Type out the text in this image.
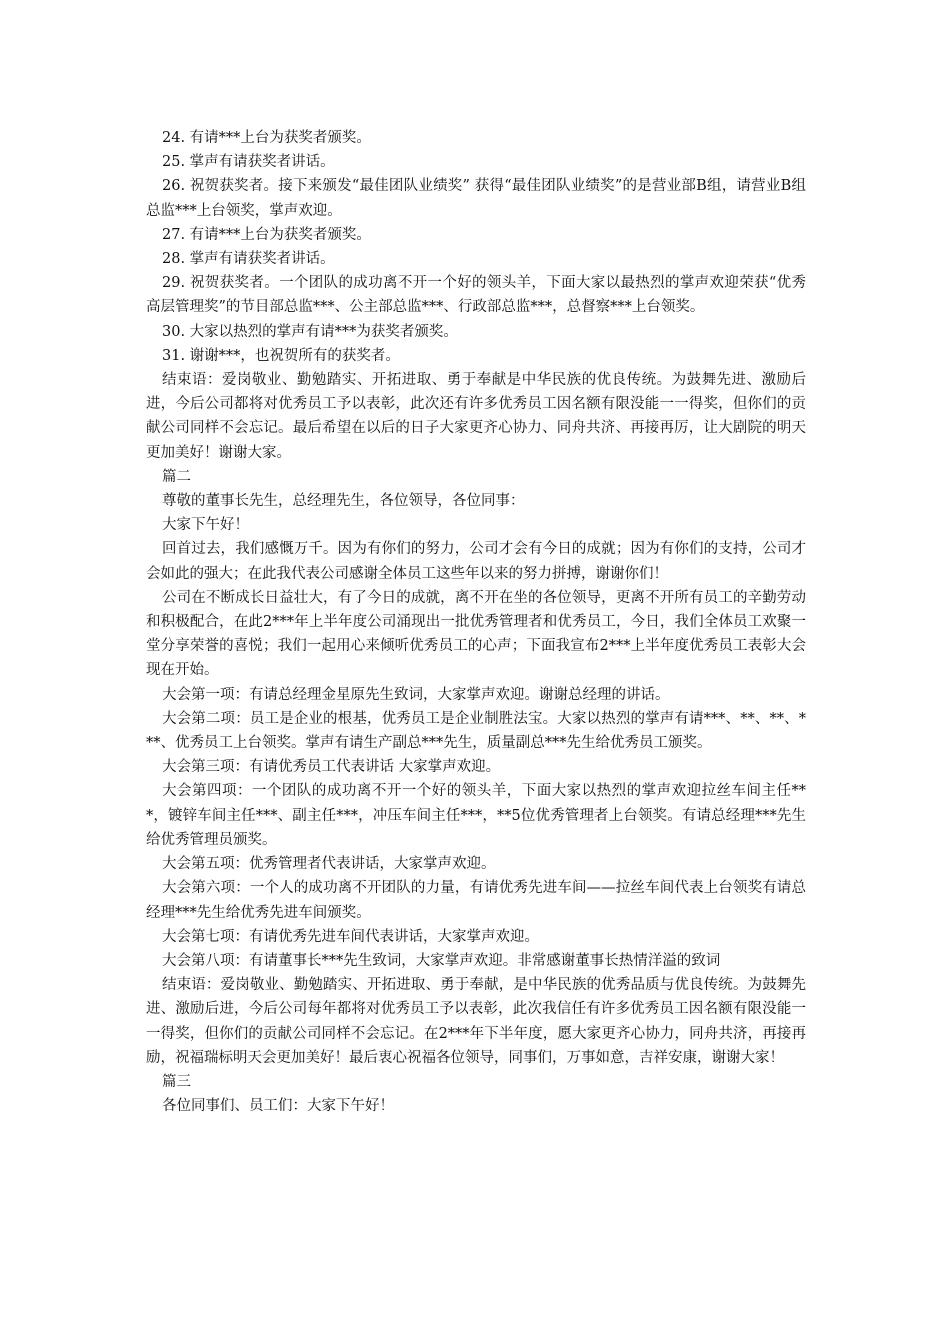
24. 有请***上台为获奖者颁奖。

25. 掌声有请获奖者讲话。

26. 祝贺获奖者。接下来颁发“最佳团队业绩奖” 获得“最佳团队业绩奖”的是营业部B组，请营业B组总监***上台领奖，掌声欢迎。

27. 有请***上台为获奖者颁奖。

28. 掌声有请获奖者讲话。

29. 祝贺获奖者。一个团队的成功离不开一个好的领头羊，下面大家以最热烈的掌声欢迎荣获“优秀高层管理奖”的节目部总监***、公主部总监***、行政部总监***，总督察***上台领奖。

30. 大家以热烈的掌声有请***为获奖者颁奖。

31. 谢谢***，也祝贺所有的获奖者。

结束语：爱岗敬业、勤勉踏实、开拓进取、勇于奉献是中华民族的优良传统。为鼓舞先进、激励后进，今后公司都将对优秀员工予以表彰，此次还有许多优秀员工因名额有限没能一一得奖，但你们的贡献公司同样不会忘记。最后希望在以后的日子大家更齐心协力、同舟共济、再接再厉，让大剧院的明天更加美好！谢谢大家。

篇二

尊敬的董事长先生，总经理先生，各位领导，各位同事：

大家下午好！

回首过去，我们感慨万千。因为有你们的努力，公司才会有今日的成就；因为有你们的支持，公司才会如此的强大；在此我代表公司感谢全体员工这些年以来的努力拼搏，谢谢你们！

公司在不断成长日益壮大，有了今日的成就，离不开在坐的各位领导，更离不开所有员工的辛勤劳动和积极配合，在此2***年上半年度公司涌现出一批优秀管理者和优秀员工，今日，我们全体员工欢聚一堂分享荣誉的喜悦；我们一起用心来倾听优秀员工的心声；下面我宣布2***上半年度优秀员工表彰大会现在开始。

大会第一项：有请总经理金星原先生致词，大家掌声欢迎。谢谢总经理的讲话。

大会第二项：员工是企业的根基，优秀员工是企业制胜法宝。大家以热烈的掌声有请***、**、**、***、优秀员工上台领奖。掌声有请生产副总***先生，质量副总***先生给优秀员工颁奖。

大会第三项：有请优秀员工代表讲话 大家掌声欢迎。

大会第四项：一个团队的成功离不开一个好的领头羊，下面大家以热烈的掌声欢迎拉丝车间主任***，镀锌车间主任***、副主任***，冲压车间主任***，**5位优秀管理者上台领奖。有请总经理***先生给优秀管理员颁奖。

大会第五项：优秀管理者代表讲话，大家掌声欢迎。

大会第六项：一个人的成功离不开团队的力量，有请优秀先进车间——拉丝车间代表上台领奖有请总经理***先生给优秀先进车间颁奖。

大会第七项：有请优秀先进车间代表讲话，大家掌声欢迎。

大会第八项：有请董事长***先生致词，大家掌声欢迎。非常感谢董事长热情洋溢的致词

结束语：爱岗敬业、勤勉踏实、开拓进取、勇于奉献，是中华民族的优秀品质与优良传统。为鼓舞先进、激励后进，今后公司每年都将对优秀员工予以表彰，此次我信任有许多优秀员工因名额有限没能一一得奖，但你们的贡献公司同样不会忘记。在2***年下半年度，愿大家更齐心协力，同舟共济，再接再励，祝福瑞标明天会更加美好！最后衷心祝福各位领导，同事们，万事如意，吉祥安康，谢谢大家！

篇三

各位同事们、员工们：大家下午好！
